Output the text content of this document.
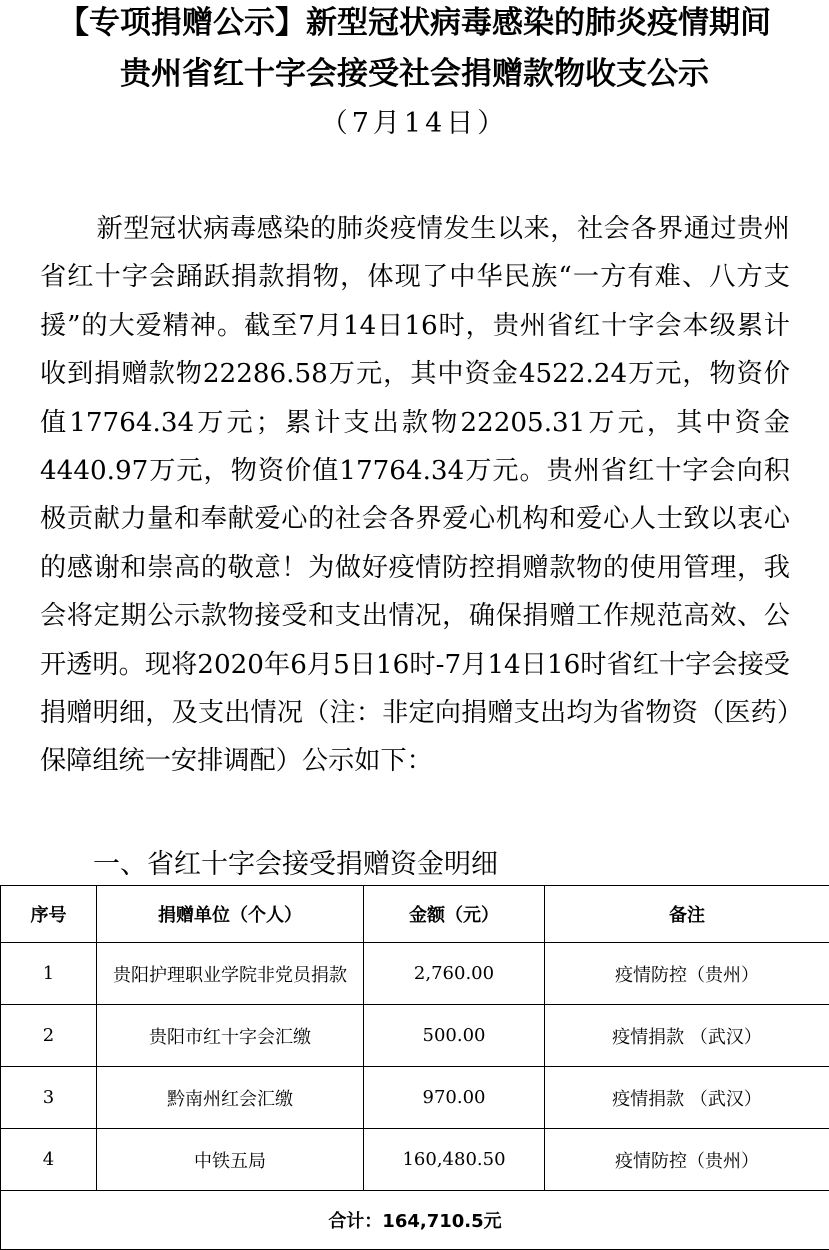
【专项捐赠公示】新型冠状病毒感染的肺炎疫情期间
贵州省红十字会接受社会捐赠款物收支公示
（7月14日）
新型冠状病毒感染的肺炎疫情发生以来，社会各界通过贵州省红十字会踊跃捐款捐物，体现了中华民族“一方有难、八方支援”的大爱精神。截至7月14日16时，贵州省红十字会本级累计收到捐赠款物22286.58万元，其中资金4522.24万元，物资价值17764.34万元；累计支出款物22205.31万元，其中资金4440.97万元，物资价值17764.34万元。贵州省红十字会向积极贡献力量和奉献爱心的社会各界爱心机构和爱心人士致以衷心的感谢和崇高的敬意！为做好疫情防控捐赠款物的使用管理，我会将定期公示款物接受和支出情况，确保捐赠工作规范高效、公开透明。现将2020年6月5日16时-7月14日16时省红十字会接受捐赠明细，及支出情况（注：非定向捐赠支出均为省物资（医药）保障组统一安排调配）公示如下：
一、省红十字会接受捐赠资金明细
序号	捐赠单位（个人）	金额（元）	备注
1	贵阳护理职业学院非党员捐款	2,760.00	疫情防控（贵州）
2	贵阳市红十字会汇缴	500.00	疫情捐款 （武汉）
3	黔南州红会汇缴	970.00	疫情捐款 （武汉）
4	中铁五局	160,480.50	疫情防控（贵州）
合计：164,710.5元			
